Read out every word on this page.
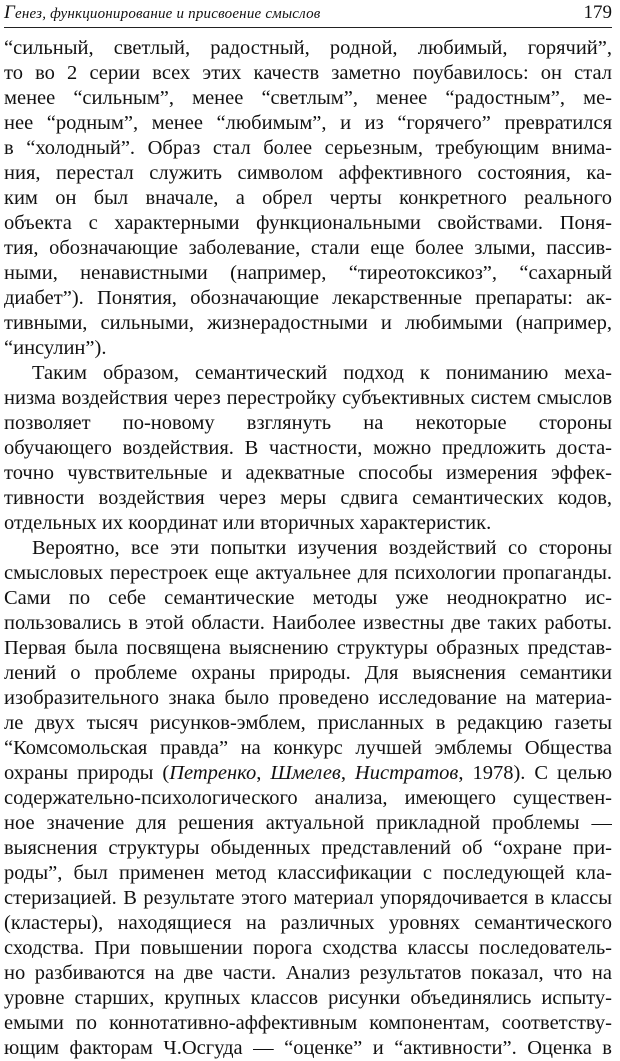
Генез, функционирование и присвоение смыслов	179
“сильный, светлый, радостный, родной, любимый, горячий”,
то во 2 серии всех этих качеств заметно поубавилось: он стал
менее “сильным”, менее “светлым”, менее “радостным”, ме-
нее “родным”, менее “любимым”, и из “горячего” превратился
в “холодный”. Образ стал более серьезным, требующим внима-
ния, перестал служить символом аффективного состояния, ка-
ким он был вначале, а обрел черты конкретного реального
объекта с характерными функциональными свойствами. Поня-
тия, обозначающие заболевание, стали еще более злыми, пассив-
ными, ненавистными (например, “тиреотоксикоз”, “сахарный
диабет”). Понятия, обозначающие лекарственные препараты: ак-
тивными, сильными, жизнерадостными и любимыми (например,
“инсулин”).
Таким образом, семантический подход к пониманию меха-
низма воздействия через перестройку субъективных систем смыслов
позволяет по-новому взглянуть на некоторые стороны
обучающего воздействия. В частности, можно предложить доста-
точно чувствительные и адекватные способы измерения эффек-
тивности воздействия через меры сдвига семантических кодов,
отдельных их координат или вторичных характеристик.
Вероятно, все эти попытки изучения воздействий со стороны
смысловых перестроек еще актуальнее для психологии пропаганды.
Сами по себе семантические методы уже неоднократно ис-
пользовались в этой области. Наиболее известны две таких работы.
Первая была посвящена выяснению структуры образных представ-
лений о проблеме охраны природы. Для выяснения семантики
изобразительного знака было проведено исследование на материа-
ле двух тысяч рисунков-эмблем, присланных в редакцию газеты
“Комсомольская правда” на конкурс лучшей эмблемы Общества
охраны природы (Петренко, Шмелев, Нистратов, 1978). С целью
содержательно-психологического анализа, имеющего существен-
ное значение для решения актуальной прикладной проблемы —
выяснения структуры обыденных представлений об “охране при-
роды”, был применен метод классификации с последующей кла-
стеризацией. В результате этого материал упорядочивается в классы
(кластеры), находящиеся на различных уровнях семантического
сходства. При повышении порога сходства классы последователь-
но разбиваются на две части. Анализ результатов показал, что на
уровне старших, крупных классов рисунки объединялись испыту-
емыми по коннотативно-аффективным компонентам, соответству-
ющим факторам Ч.Осгуда — “оценке” и “активности”. Оценка в
